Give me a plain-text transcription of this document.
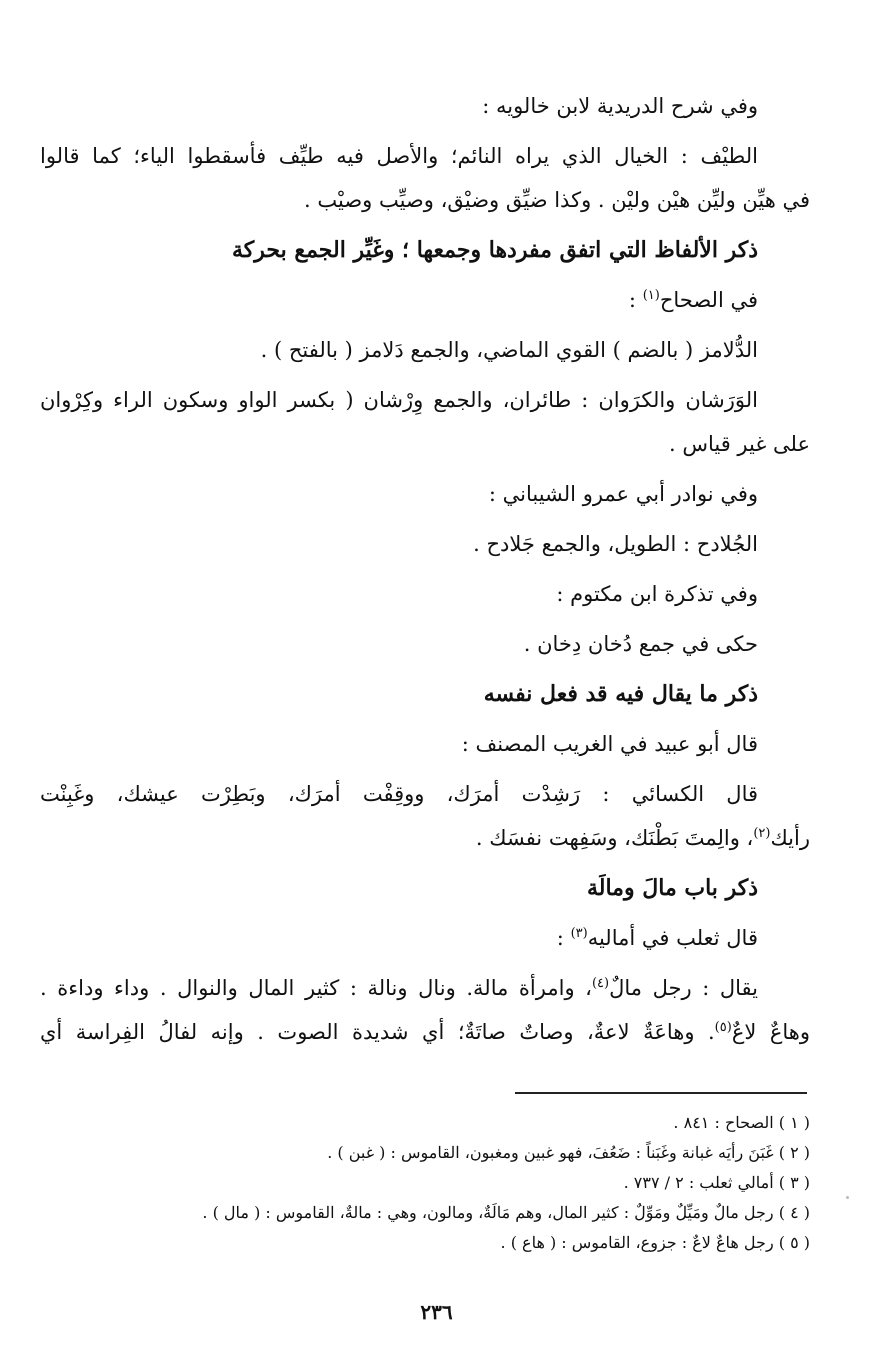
وفي شرح الدريدية لابن خالويه :
الطيْف : الخيال الذي يراه النائم؛ والأصل فيه طيِّف فأسقطوا الياء؛ كما قالوا
في هيِّن وليِّن هيْن وليْن . وكذا ضيِّق وضيْق، وصيِّب وصيْب .
ذكر الألفاظ التي اتفق مفردها وجمعها ؛ وغَيِّر الجمع بحركة
في الصحاح$^{(١)}$ :
الدُّلامز ( بالضم ) القوي الماضي، والجمع دَلامز ( بالفتح ) .
الوَرَشان والكرَوان : طائران، والجمع وِرْشان ( بكسر الواو وسكون الراء وكِرْوان
على غير قياس .
وفي نوادر أبي عمرو الشيباني :
الجُلادح : الطويل، والجمع جَلادح .
وفي تذكرة ابن مكتوم :
حكى في جمع دُخان دِخان .
ذكر ما يقال فيه قد فعل نفسه
قال أبو عبيد في الغريب المصنف :
قال الكسائي : رَشِدْت أمرَك، ووقِفْت أمرَك، وبَطِرْت عيشك، وغَبِنْت
رأيك$^{(٢)}$، والِمتَ بَطْنَك، وسَفِهت نفسَك .
ذكر باب مالَ ومالَة
قال ثعلب في أماليه$^{(٣)}$ :
يقال : رجل مالٌ$^{(٤)}$، وامرأة مالة. ونال ونالة : كثير المال والنوال . وداء وداءة .
وهاعٌ لاعٌ$^{(٥)}$. وهاعَةٌ لاعةٌ، وصاتٌ صاتَةٌ؛ أي شديدة الصوت . وإنه لفالُ الفِراسة أي
( ١ ) الصحاح : ٨٤١ .
( ٢ ) غَبَنَ رأيَه غبانة وغَبَناً : ضَعُفَ، فهو غبين ومغبون، القاموس : ( غبن ) .
( ٣ ) أمالي ثعلب : ٢ / ٧٣٧ .
( ٤ ) رجل مالٌ ومَيِّلٌ ومَوِّلٌ : كثير المال، وهم مَالَةٌ، ومالون، وهي : مالةٌ، القاموس : ( مال ) .
( ٥ ) رجل هاعٌ لاعٌ : جزوع، القاموس : ( هاع ) .
٢٣٦
